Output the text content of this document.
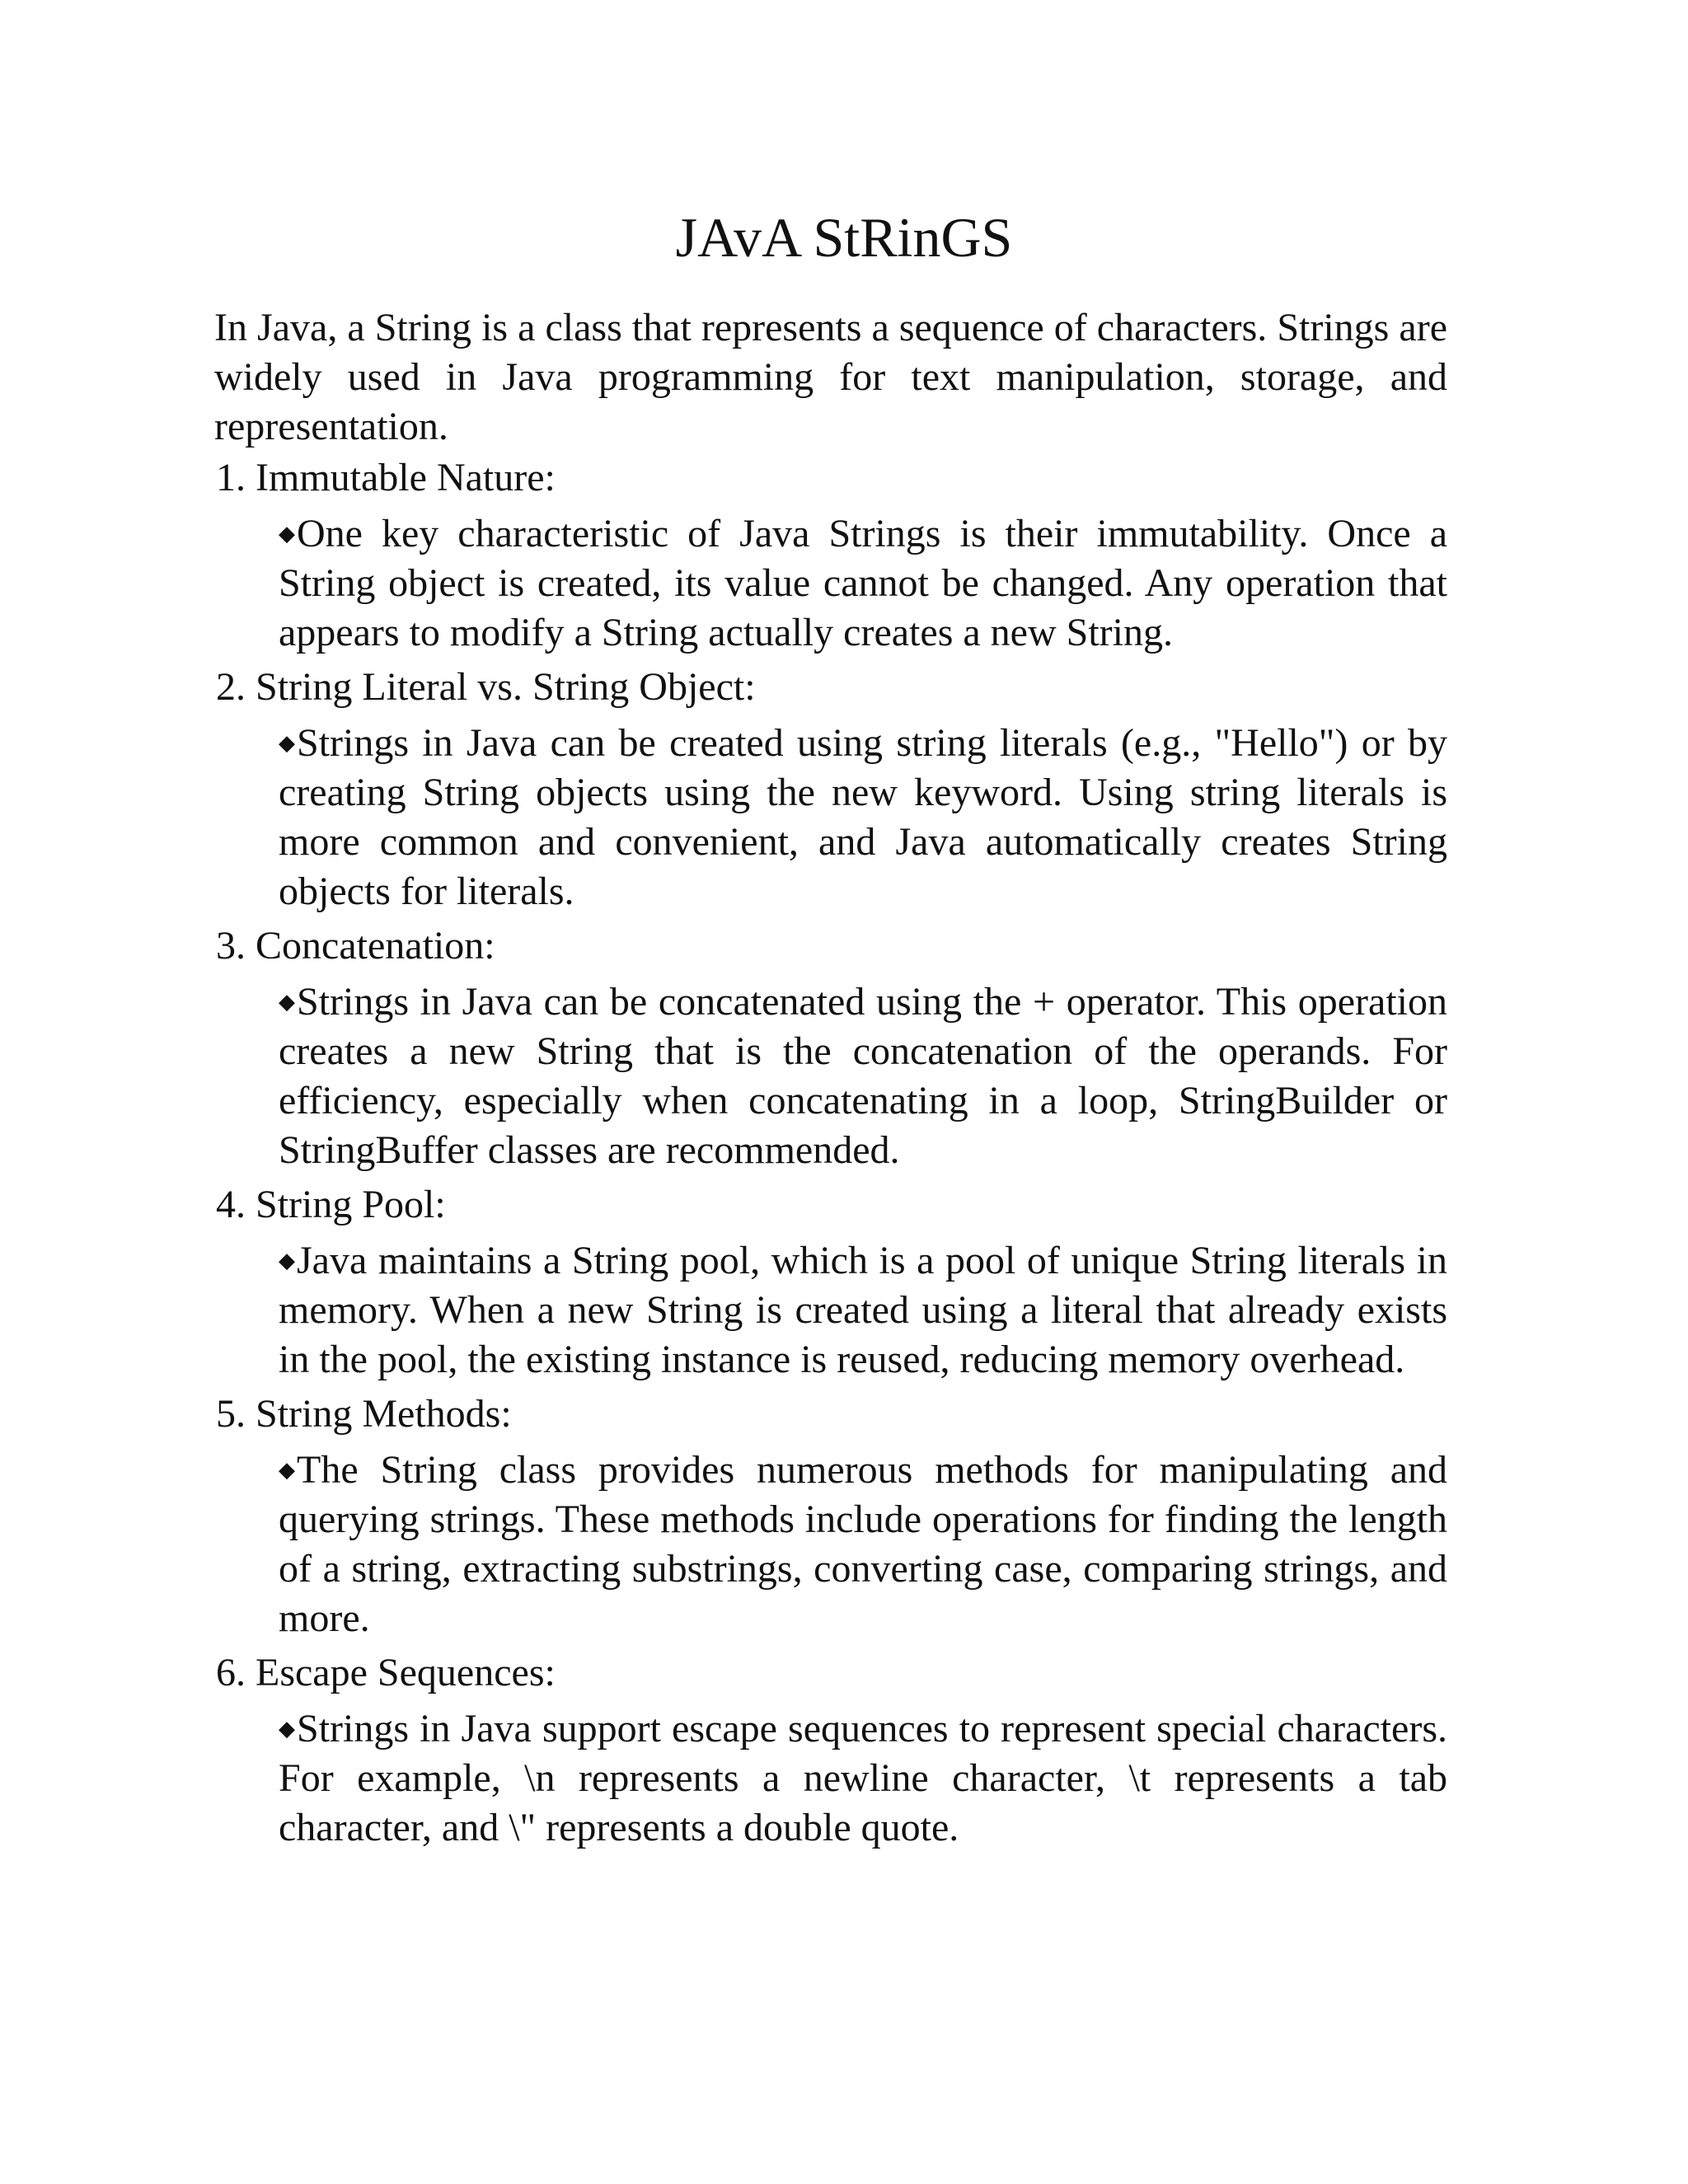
JAvA StRinGS

In Java, a String is a class that represents a sequence of characters. Strings are widely used in Java programming for text manipulation, storage, and representation.

1. Immutable Nature:

◆One key characteristic of Java Strings is their immutability. Once a String object is created, its value cannot be changed. Any operation that appears to modify a String actually creates a new String.

2. String Literal vs. String Object:

◆Strings in Java can be created using string literals (e.g., "Hello") or by creating String objects using the new keyword. Using string literals is more common and convenient, and Java automatically creates String objects for literals.

3. Concatenation:

◆Strings in Java can be concatenated using the + operator. This operation creates a new String that is the concatenation of the operands. For efficiency, especially when concatenating in a loop, StringBuilder or StringBuffer classes are recommended.

4. String Pool:

◆Java maintains a String pool, which is a pool of unique String literals in memory. When a new String is created using a literal that already exists in the pool, the existing instance is reused, reducing memory overhead.

5. String Methods:

◆The String class provides numerous methods for manipulating and querying strings. These methods include operations for finding the length of a string, extracting substrings, converting case, comparing strings, and more.

6. Escape Sequences:

◆Strings in Java support escape sequences to represent special characters. For example, \n represents a newline character, \t represents a tab character, and \" represents a double quote.
